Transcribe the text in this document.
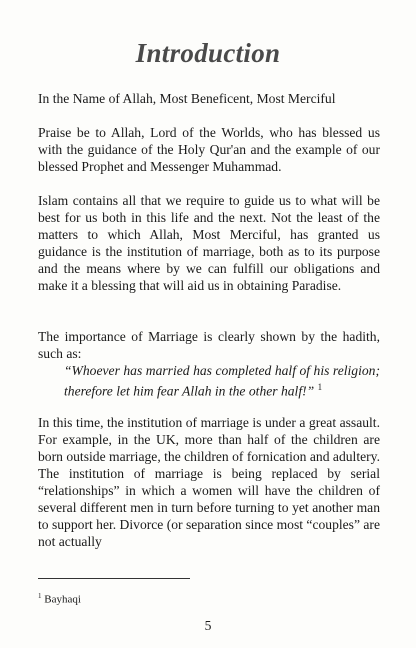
Introduction
In the Name of Allah, Most Beneficent, Most Merciful
Praise be to Allah, Lord of the Worlds, who has blessed us with the guidance of the Holy Qur'an and the example of our blessed Prophet and Messenger Muhammad.
Islam contains all that we require to guide us to what will be best for us both in this life and the next. Not the least of the matters to which Allah, Most Merciful, has granted us guidance is the institution of marriage, both as to its purpose and the means where by we can fulfill our obligations and make it a blessing that will aid us in obtaining Paradise.
The importance of Marriage is clearly shown by the hadith, such as:
“Whoever has married has completed half of his religion; therefore let him fear Allah in the other half!” $^1$
In this time, the institution of marriage is under a great assault. For example, in the UK, more than half of the children are born outside marriage, the children of fornication and adultery. The institution of marriage is being replaced by serial “relationships” in which a women will have the children of several different men in turn before turning to yet another man to support her. Divorce (or separation since most “couples” are not actually
$^1$ Bayhaqi
5
